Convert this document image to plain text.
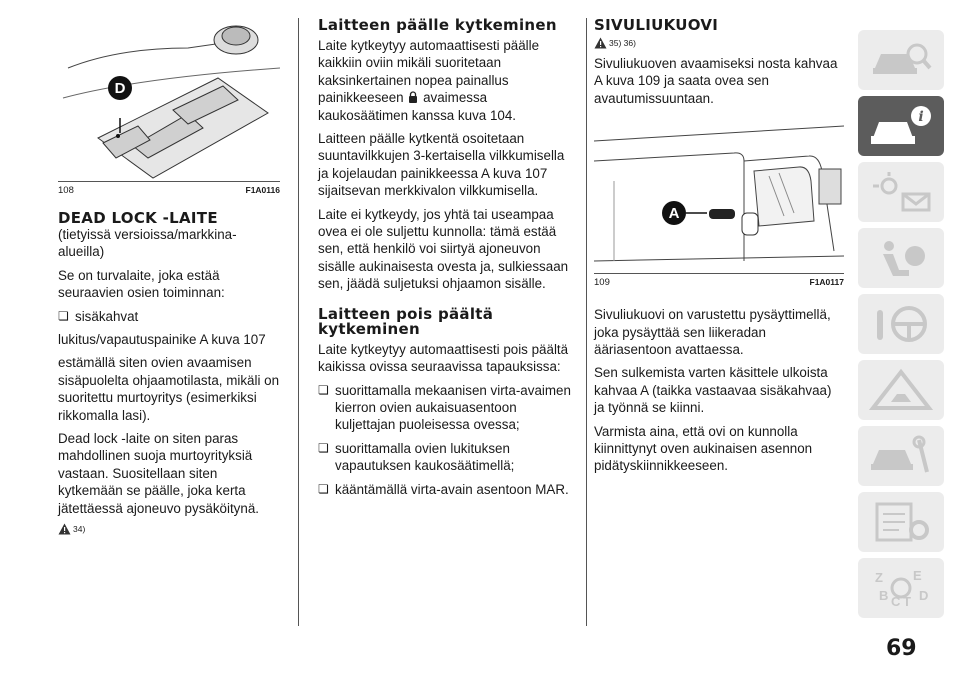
D
108	F1A0116
DEAD LOCK -LAITE

(tietyissä versioissa/markkina-alueilla)

Se on turvalaite, joka estää seuraavien osien toiminnan:

❏ sisäkahvat

lukitus/vapautuspainike A kuva 107

estämällä siten ovien avaamisen sisäpuolelta ohjaamotilasta, mikäli on suoritettu murtoyritys (esimerkiksi rikkomalla lasi).

Dead lock -laite on siten paras mahdollinen suoja murtoyrityksiä vastaan. Suositellaan siten kytkemään se päälle, joka kerta jätettäessä ajoneuvo pysäköitynä.

34)
Laitteen päälle kytkeminen

Laite kytkeytyy automaattisesti päälle kaikkiin oviin mikäli suoritetaan kaksinkertainen nopea painallus painikkeeseen avaimessa kaukosäätimen kanssa kuva 104.

Laitteen päälle kytkentä osoitetaan suuntavilkkujen 3-kertaisella vilkkumisella ja kojelaudan painikkeessa A kuva 107 sijaitsevan merkkivalon vilkkumisella.

Laite ei kytkeydy, jos yhtä tai useampaa ovea ei ole suljettu kunnolla: tämä estää sen, että henkilö voi siirtyä ajoneuvon sisälle aukinaisesta ovesta ja, sulkiessaan sen, jäädä suljetuksi ohjaamon sisälle.

Laitteen pois päältä kytkeminen

Laite kytkeytyy automaattisesti pois päältä kaikissa ovissa seuraavissa tapauksissa:

❏ suorittamalla mekaanisen virta-avaimen kierron ovien aukaisuasentoon kuljettajan puoleisessa ovessa;
❏ suorittamalla ovien lukituksen vapautuksen kaukosäätimellä;
❏ kääntämällä virta-avain asentoon MAR.
SIVULIUKUOVI
35) 36)

Sivuliukuoven avaamiseksi nosta kahvaa A kuva 109 ja saata ovea sen avautumissuuntaan.

A
109	F1A0117

Sivuliukuovi on varustettu pysäyttimellä, joka pysäyttää sen liikeradan ääriasentoon avattaessa.

Sen sulkemista varten käsittele ulkoista kahvaa A (taikka vastaavaa sisäkahvaa) ja työnnä se kiinni.

Varmista aina, että ovi on kunnolla kiinnittynyt oven aukinaisen asennon pidätyskiinnikkeeseen.

i
Z E
B C T D
69
